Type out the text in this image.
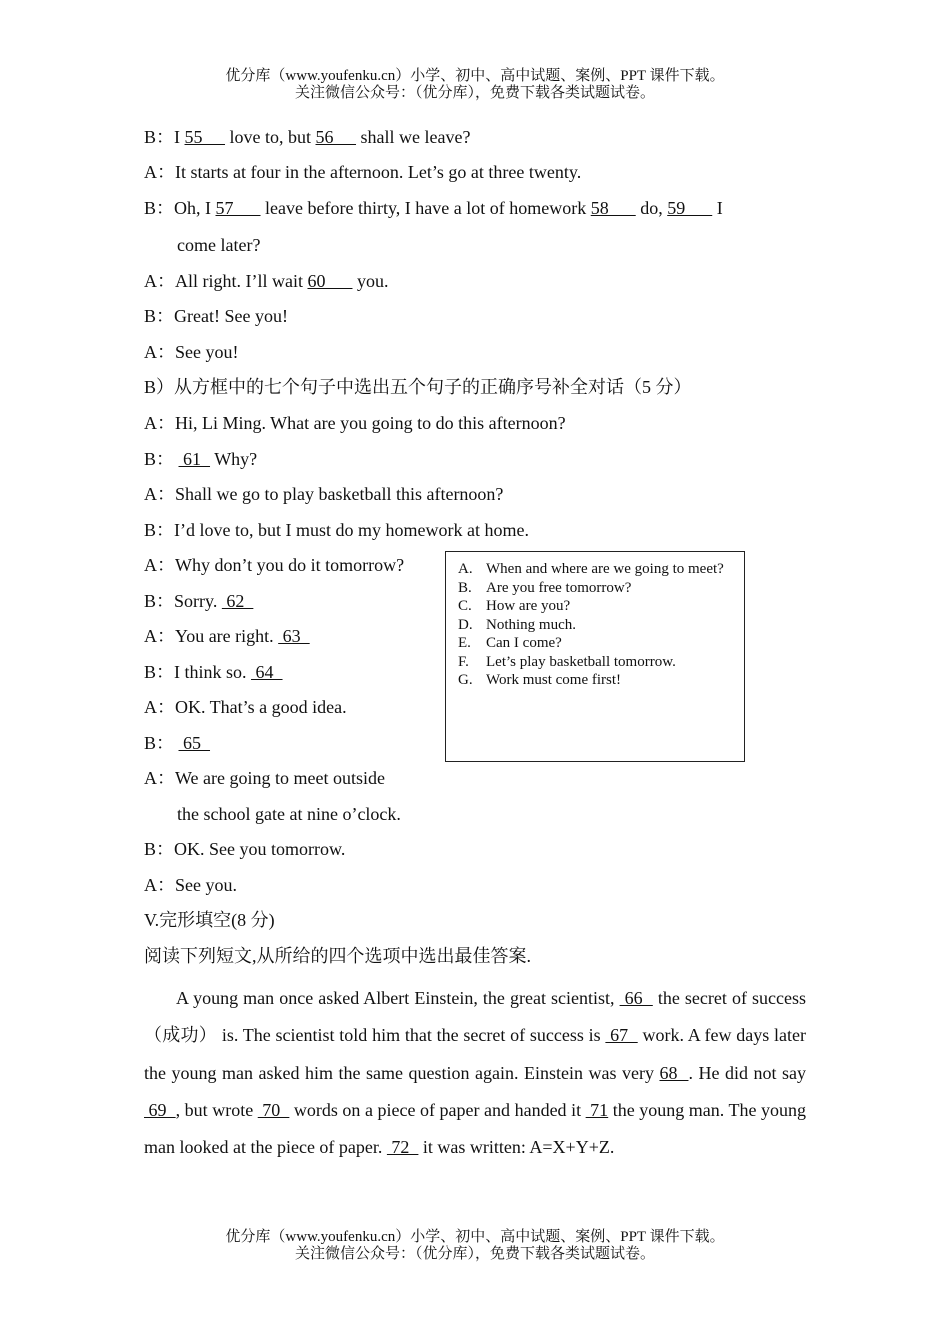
优分库（www.youfenku.cn）小学、初中、高中试题、案例、PPT 课件下载。
关注微信公众号：（优分库），免费下载各类试题试卷。
B：I 55      love to, but 56      shall we leave?
A：It starts at four in the afternoon. Let’s go at three twenty.
B：Oh, I 57       leave before thirty, I have a lot of homework 58       do, 59       I
come later?
A：All right. I’ll wait 60       you.
B：Great! See you!
A：See you!
B）从方框中的七个句子中选出五个句子的正确序号补全对话（5 分）
A：Hi, Li Ming. What are you going to do this afternoon?
B：  61   Why?
A：Shall we go to play basketball this afternoon?
B：I’d love to, but I must do my homework at home.
A：Why don’t you do it tomorrow?
B：Sorry.  62
A：You are right.  63
B：I think so.  64
A：OK. That’s a good idea.
B：  65
A：We are going to meet outside
the school gate at nine o’clock.
B：OK. See you tomorrow.
A：See you.
A. When and where are we going to meet?
B. Are you free tomorrow?
C. How are you?
D. Nothing much.
E.	Can I come?
F.	Let’s play basketball tomorrow.
G. Work must come first!
V.完形填空(8 分)
阅读下列短文,从所给的四个选项中选出最佳答案.
A young man once asked Albert Einstein, the great scientist,  66   the secret of success（成功） is. The scientist told him that the secret of success is  67   work. A few days later the young man asked him the same question again. Einstein was very 68  . He did not say  69  , but wrote  70   words on a piece of paper and handed it  71 the young man. The young man looked at the piece of paper.  72   it was written: A=X+Y+Z.
优分库（www.youfenku.cn）小学、初中、高中试题、案例、PPT 课件下载。
关注微信公众号：（优分库），免费下载各类试题试卷。
